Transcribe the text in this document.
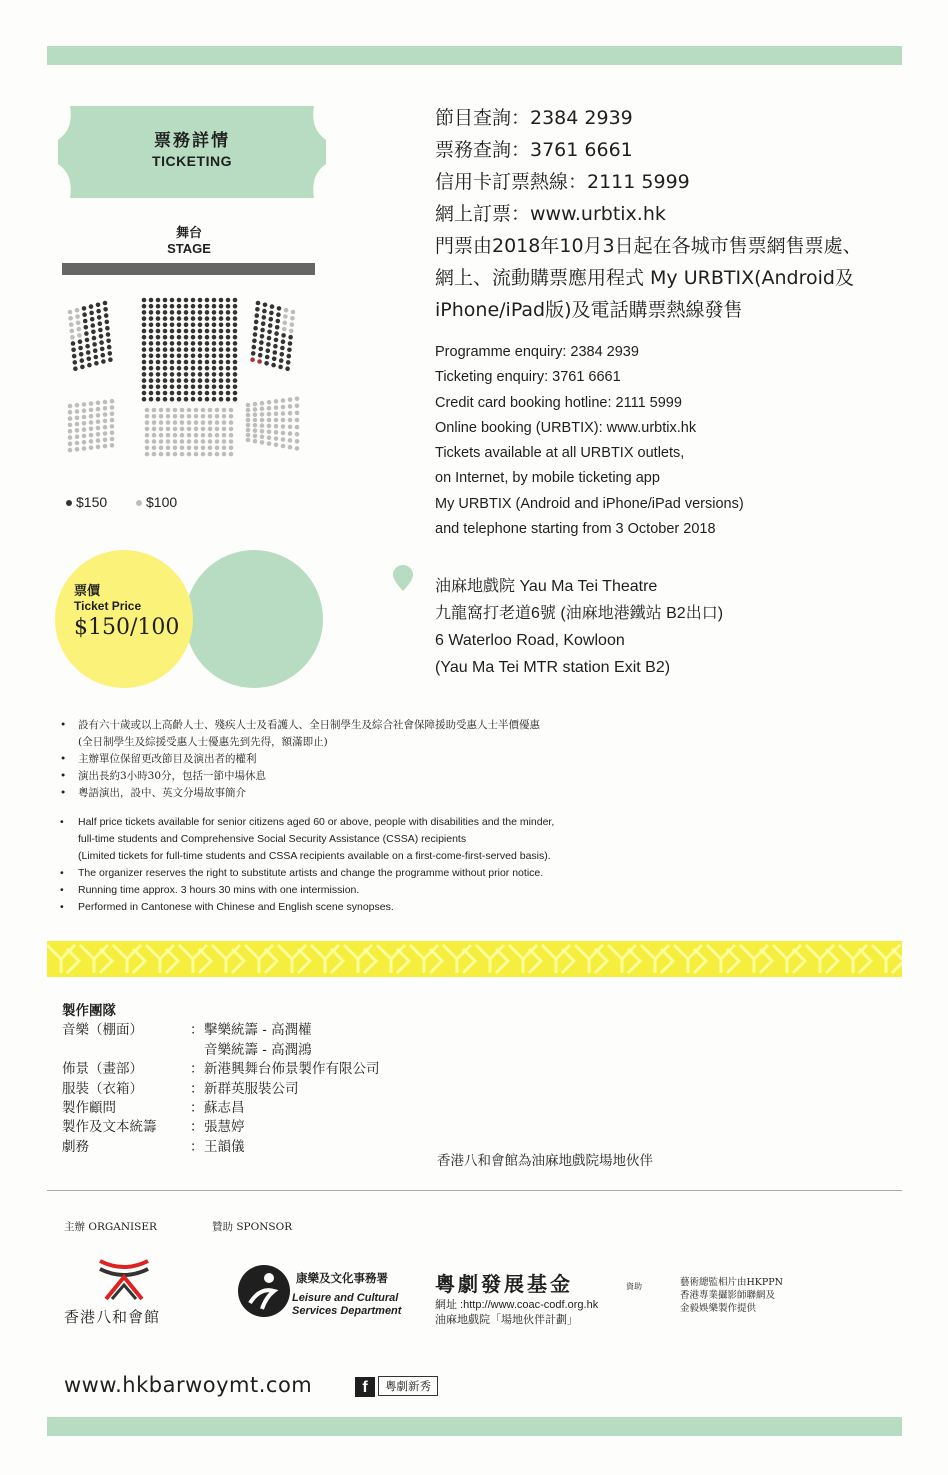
票務詳情
TICKETING
舞台
STAGE
$150	$100
票價
Ticket Price
$150/100
節目查詢：2384 2939
票務查詢：3761 6661
信用卡訂票熱線：2111 5999
網上訂票：www.urbtix.hk
門票由2018年10月3日起在各城市售票網售票處、
網上、流動購票應用程式 My URBTIX(Android及
iPhone/iPad版)及電話購票熱線發售
Programme enquiry: 2384 2939
Ticketing enquiry: 3761 6661
Credit card booking hotline: 2111 5999
Online booking (URBTIX): www.urbtix.hk
Tickets available at all URBTIX outlets,
on Internet, by mobile ticketing app
My URBTIX (Android and iPhone/iPad versions)
and telephone starting from 3 October 2018
油麻地戲院 Yau Ma Tei Theatre
九龍窩打老道6號 (油麻地港鐵站 B2出口)
6 Waterloo Road, Kowloon
(Yau Ma Tei MTR station Exit B2)
• 設有六十歲或以上高齡人士、殘疾人士及看護人、全日制學生及綜合社會保障援助受惠人士半價優惠
(全日制學生及綜援受惠人士優惠先到先得，額滿即止)
• 主辦單位保留更改節目及演出者的權利
• 演出長約3小時30分，包括一節中場休息
• 粵語演出，設中、英文分場故事簡介
• Half price tickets available for senior citizens aged 60 or above, people with disabilities and the minder,
full-time students and Comprehensive Social Security Assistance (CSSA) recipients
(Limited tickets for full-time students and CSSA recipients available on a first-come-first-served basis).
• The organizer reserves the right to substitute artists and change the programme without prior notice.
• Running time approx. 3 hours 30 mins with one intermission.
• Performed in Cantonese with Chinese and English scene synopses.
製作團隊
音樂（棚面）	： 擊樂統籌 - 高潤權
音樂統籌 - 高潤鴻
佈景（畫部）	： 新港興舞台佈景製作有限公司
服裝（衣箱）	： 新群英服裝公司
製作顧問	： 蘇志昌
製作及文本統籌	： 張慧婷
劇務	： 王韻儀
香港八和會館為油麻地戲院場地伙伴
主辦 ORGANISER	贊助 SPONSOR
香港八和會館
康樂及文化事務署
Leisure and Cultural
Services Department
粵劇發展基金	資助
網址 :http://www.coac-codf.org.hk
油麻地戲院「場地伙伴計劃」
藝術總監相片由HKPPN
香港專業攝影師聯網及
金毅娛樂製作提供
www.hkbarwoymt.com	f	粵劇新秀
